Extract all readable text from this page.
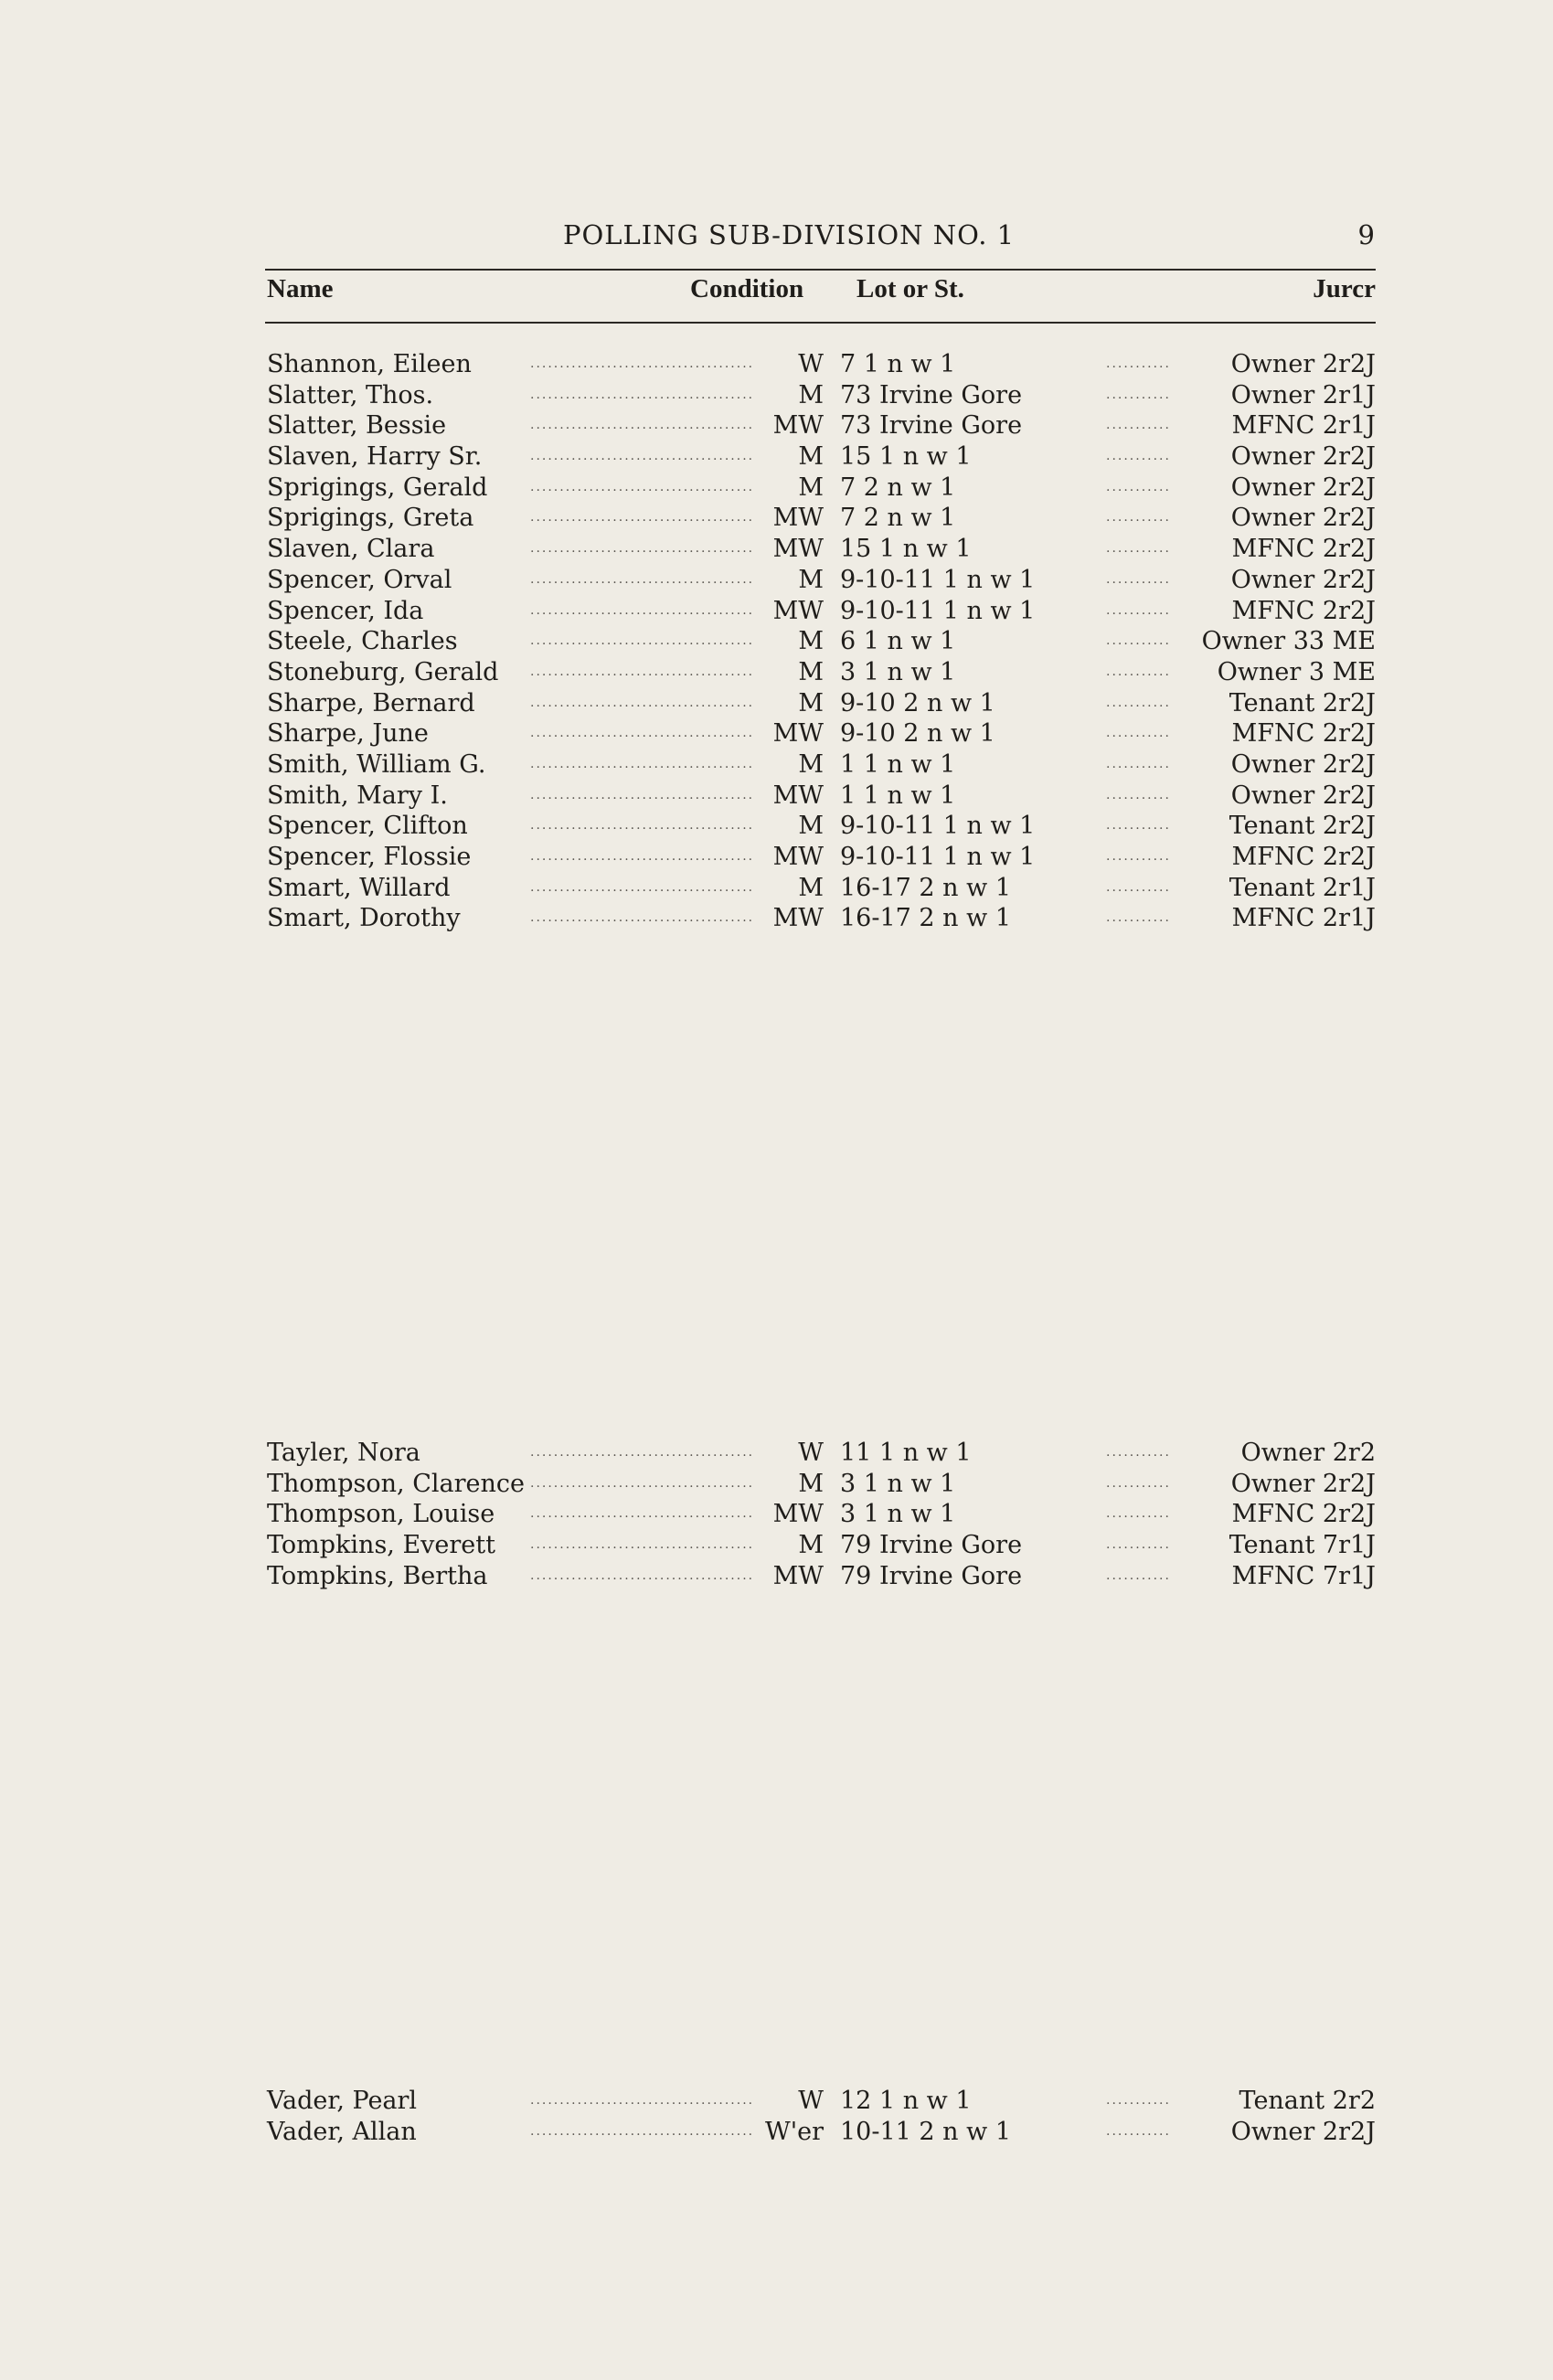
POLLING SUB-DIVISION NO. 1	9
Name	Condition Lot or St.	Jurcr
.....
.....
Shannon, Eileen	W 7 1 n w 1	Owner 2r2J
.....
.....
Slatter, Thos.	M 73 Irvine Gore	Owner 2r1J
.....
.....
Slatter, Bessie	MW 73 Irvine Gore	MFNC 2r1J
.....
.....
Slaven, Harry Sr.	M 15 1 n w 1	Owner 2r2J
.....
.....
Sprigings, Gerald	M 7 2 n w 1	Owner 2r2J
.....
.....
Sprigings, Greta	MW 7 2 n w 1	Owner 2r2J
.....
.....
Slaven, Clara	MW 15 1 n w 1	MFNC 2r2J
.....
.....
Spencer, Orval	M 9-10-11 1 n w 1	Owner 2r2J
.....
.....
Spencer, Ida	MW 9-10-11 1 n w 1	MFNC 2r2J
.....
.....
Steele, Charles	M 6 1 n w 1	Owner 33 ME
.....
.....
Stoneburg, Gerald	M 3 1 n w 1	Owner 3 ME
.....
.....
Sharpe, Bernard	M 9-10 2 n w 1	Tenant 2r2J
.....
.....
Sharpe, June	MW 9-10 2 n w 1	MFNC 2r2J
.....
.....
Smith, William G.	M 1 1 n w 1	Owner 2r2J
.....
.....
Smith, Mary I.	MW 1 1 n w 1	Owner 2r2J
.....
.....
Spencer, Clifton	M 9-10-11 1 n w 1	Tenant 2r2J
.....
.....
Spencer, Flossie	MW 9-10-11 1 n w 1	MFNC 2r2J
.....
.....
Smart, Willard	M 16-17 2 n w 1	Tenant 2r1J
.....
.....
Smart, Dorothy	MW 16-17 2 n w 1	MFNC 2r1J
.....
.....
Tayler, Nora	W 11 1 n w 1	Owner 2r2
.....
.....
Thompson, Clarence	M 3 1 n w 1	Owner 2r2J
.....
.....
Thompson, Louise	MW 3 1 n w 1	MFNC 2r2J
.....
.....
Tompkins, Everett	M 79 Irvine Gore	Tenant 7r1J
.....
.....
Tompkins, Bertha	MW 79 Irvine Gore	MFNC 7r1J
.....
.....
Vader, Pearl	W 12 1 n w 1	Tenant 2r2
.....
.....
Vader, Allan	W'er 10-11 2 n w 1	Owner 2r2J
